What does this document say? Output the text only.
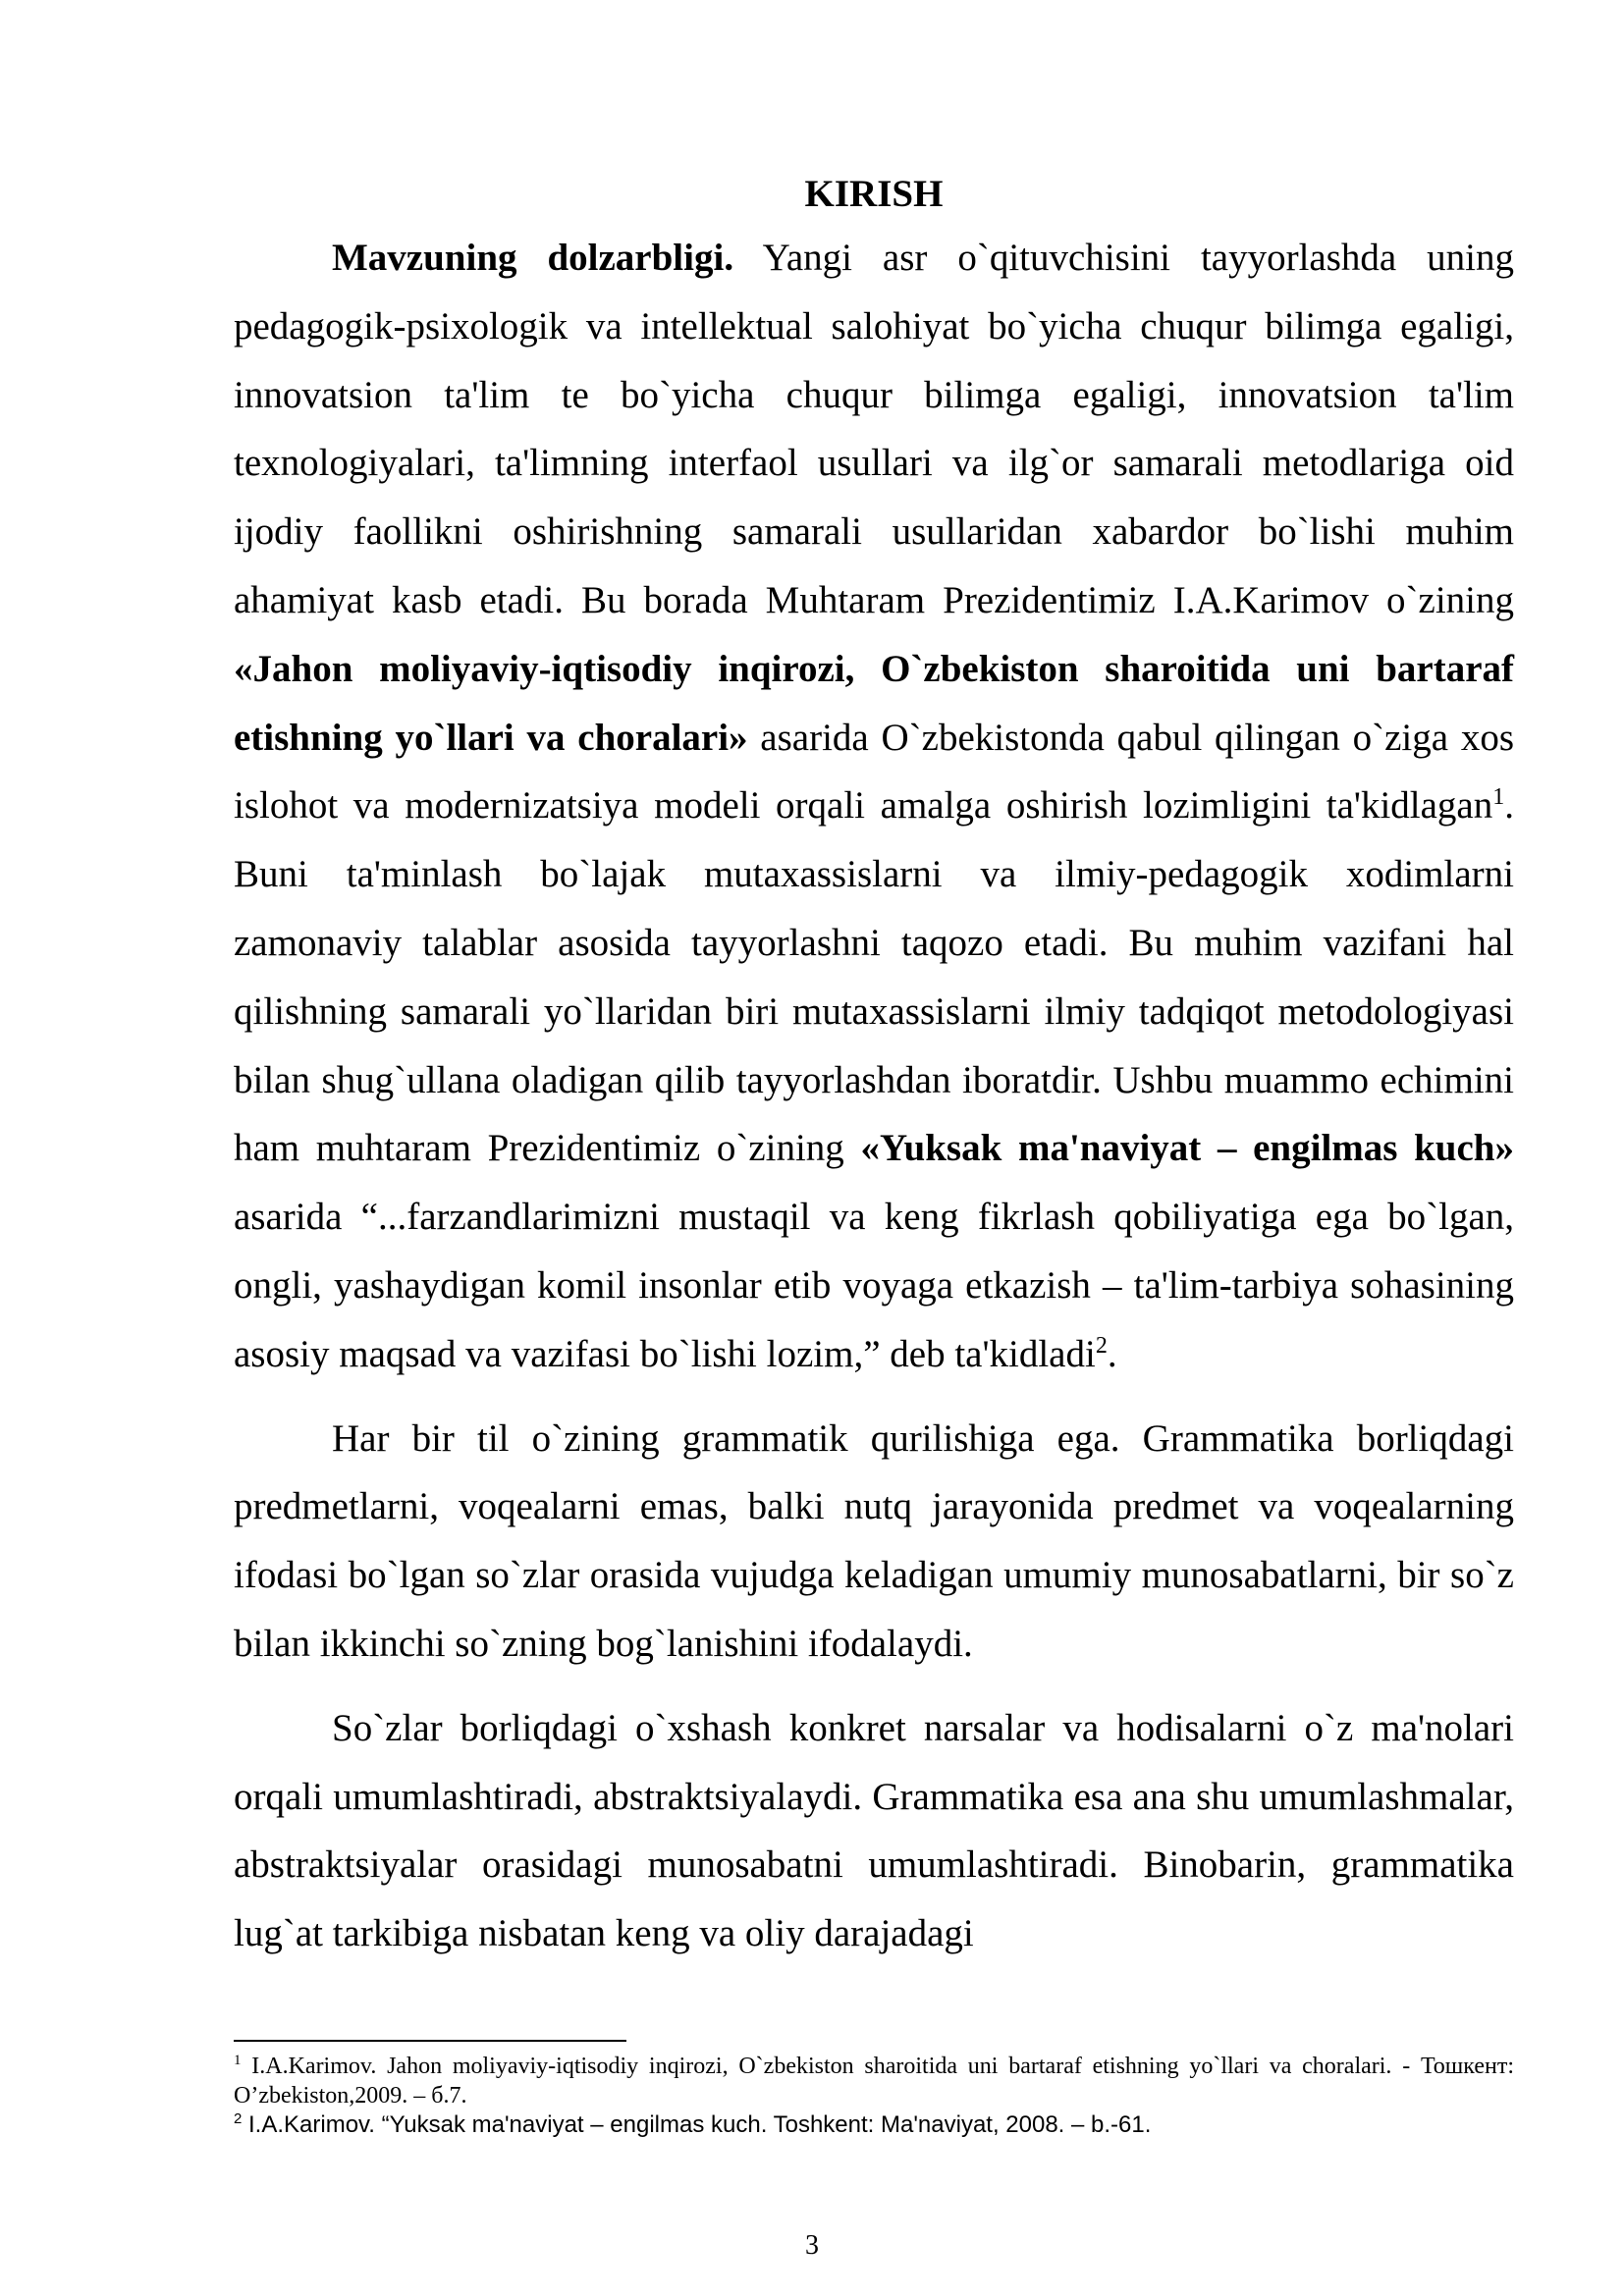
KIRISH

Mavzuning dolzarbligi. Yangi asr o`qituvchisini tayyorlashda uning pedagogik-psixologik va intellektual salohiyat bo`yicha chuqur bilimga egaligi, innovatsion ta'lim te bo`yicha chuqur bilimga egaligi, innovatsion ta'lim texnologiyalari, ta'limning interfaol usullari va ilg`or samarali metodlariga oid ijodiy faollikni oshirishning samarali usullaridan xabardor bo`lishi muhim ahamiyat kasb etadi. Bu borada Muhtaram Prezidentimiz I.A.Karimov o`zining «Jahon moliyaviy-iqtisodiy inqirozi, O`zbekiston sharoitida uni bartaraf etishning yo`llari va choralari» asarida O`zbekistonda qabul qilingan o`ziga xos islohot va modernizatsiya modeli orqali amalga oshirish lozimligini ta'kidlagan$^1$. Buni ta'minlash bo`lajak mutaxassislarni va ilmiy-pedagogik xodimlarni zamonaviy talablar asosida tayyorlashni taqozo etadi. Bu muhim vazifani hal qilishning samarali yo`llaridan biri mutaxassislarni ilmiy tadqiqot metodologiyasi bilan shug`ullana oladigan qilib tayyorlashdan iboratdir. Ushbu muammo echimini ham muhtaram Prezidentimiz o`zining «Yuksak ma'naviyat – engilmas kuch» asarida “...farzandlarimizni mustaqil va keng fikrlash qobiliyatiga ega bo`lgan, ongli, yashaydigan komil insonlar etib voyaga etkazish – ta'lim-tarbiya sohasining asosiy maqsad va vazifasi bo`lishi lozim,” deb ta'kidladi$^2$.

Har bir til o`zining grammatik qurilishiga ega. Grammatika borliqdagi predmetlarni, voqealarni emas, balki nutq jarayonida predmet va voqealarning ifodasi bo`lgan so`zlar orasida vujudga keladigan umumiy munosabatlarni, bir so`z bilan ikkinchi so`zning bog`lanishini ifodalaydi.

So`zlar borliqdagi o`xshash konkret narsalar va hodisalarni o`z ma'nolari orqali umumlashtiradi, abstraktsiyalaydi. Grammatika esa ana shu umumlashmalar, abstraktsiyalar orasidagi munosabatni umumlashtiradi. Binobarin, grammatika lug`at tarkibiga nisbatan keng va oliy darajadagi

$^1$ I.A.Karimov. Jahon moliyaviy-iqtisodiy inqirozi, O`zbekiston sharoitida uni bartaraf etishning yo`llari va choralari. - Тошкент: O’zbekiston,2009. – б.7.

$^2$ I.A.Karimov. “Yuksak ma'naviyat – engilmas kuch. Toshkent: Ma'naviyat, 2008. – b.-61.

3
